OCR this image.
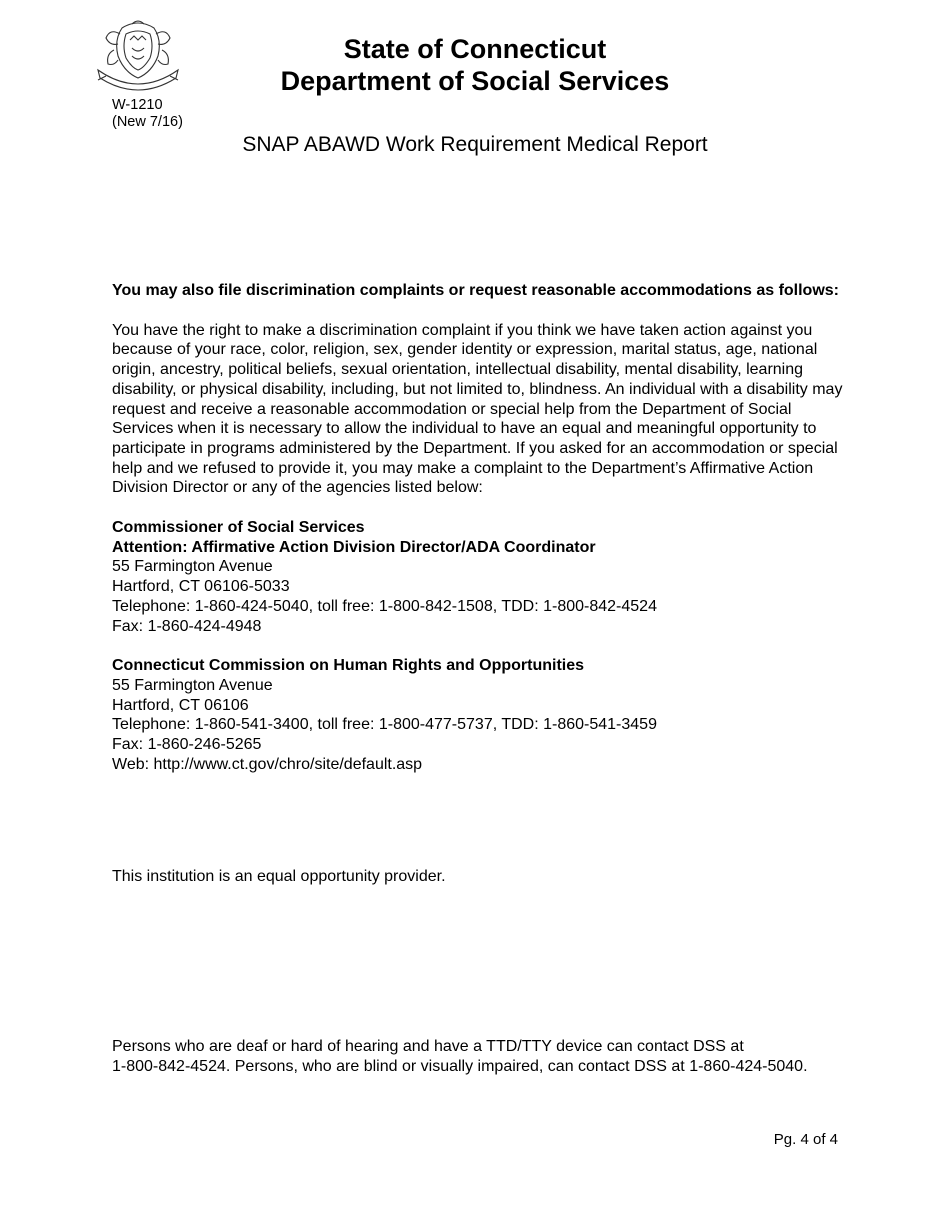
W-1210
(New 7/16)
State of Connecticut
Department of Social Services
SNAP ABAWD Work Requirement Medical Report

You may also file discrimination complaints or request reasonable accommodations as follows:

You have the right to make a discrimination complaint if you think we have taken action against you because of your race, color, religion, sex, gender identity or expression, marital status, age, national origin, ancestry, political beliefs, sexual orientation, intellectual disability, mental disability, learning disability, or physical disability, including, but not limited to, blindness. An individual with a disability may request and receive a reasonable accommodation or special help from the Department of Social Services when it is necessary to allow the individual to have an equal and meaningful opportunity to participate in programs administered by the Department. If you asked for an accommodation or special help and we refused to provide it, you may make a complaint to the Department’s Affirmative Action Division Director or any of the agencies listed below:

Commissioner of Social Services
Attention: Affirmative Action Division Director/ADA Coordinator
55 Farmington Avenue
Hartford, CT 06106-5033
Telephone: 1-860-424-5040, toll free: 1-800-842-1508, TDD: 1-800-842-4524
Fax: 1-860-424-4948
Connecticut Commission on Human Rights and Opportunities
55 Farmington Avenue
Hartford, CT 06106
Telephone: 1-860-541-3400, toll free: 1-800-477-5737, TDD: 1-860-541-3459
Fax: 1-860-246-5265
Web: http://www.ct.gov/chro/site/default.asp
This institution is an equal opportunity provider.
Persons who are deaf or hard of hearing and have a TTD/TTY device can contact DSS at
1-800-842-4524. Persons, who are blind or visually impaired, can contact DSS at 1-860-424-5040.
Pg. 4 of 4
